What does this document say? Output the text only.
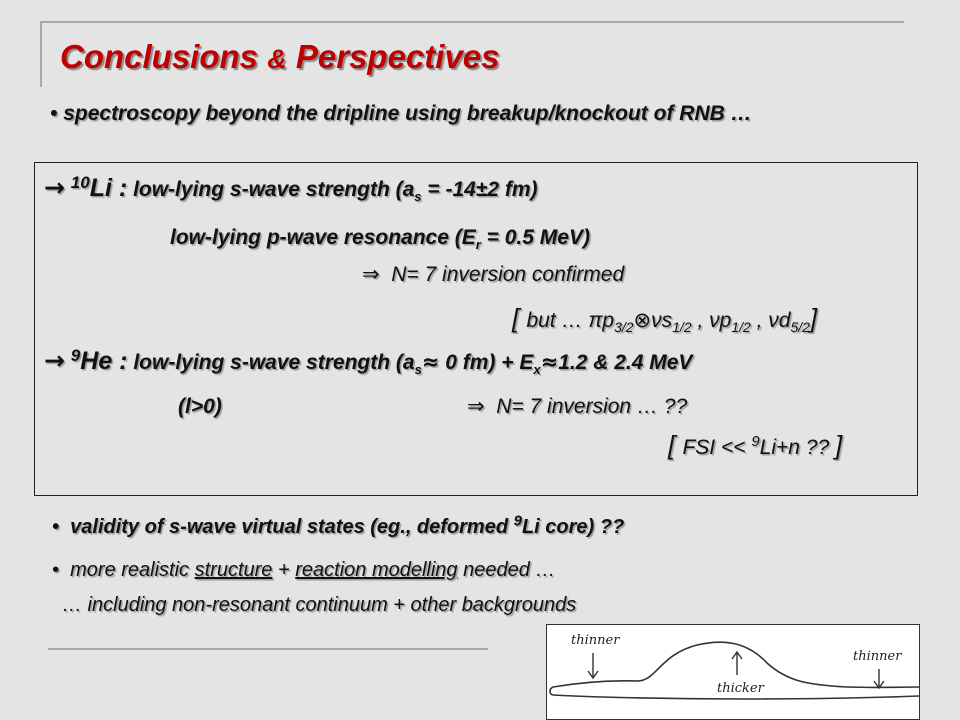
Conclusions & Perspectives
• spectroscopy beyond the dripline using breakup/knockout of RNB …
→ $^{10}$Li : low-lying s-wave strength ($a_s = -14\pm 2$ fm)
low-lying p-wave resonance ($E_r = 0.5$ MeV)
⇒ N= 7 inversion confirmed
[ but … $\pi p_{3/2}\otimes\nu s_{1/2}$ , $\nu p_{1/2}$ , $\nu d_{5/2}$]
→ $^9$He : low-lying s-wave strength ($a_s\approx 0$ $fm) + E_x\approx 1.2$ & 2.4 MeV
(l>0)	⇒ N= 7 inversion … ??
[ FSI << $^9$Li+n ?? ]
• validity of s-wave virtual states (eg., deformed $^9$Li core) ??
• more realistic structure + reaction modelling needed …
… including non-resonant continuum + other backgrounds
thinner
thicker
thinner
